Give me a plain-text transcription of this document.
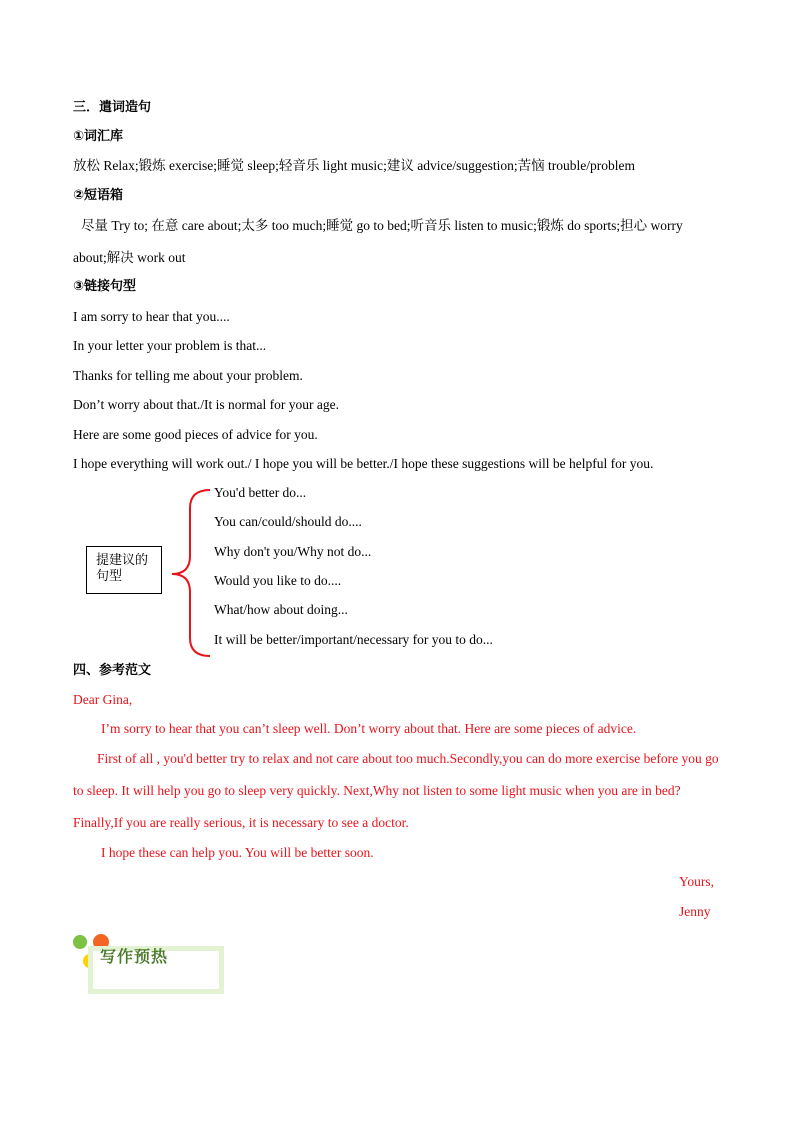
三．遣词造句
①词汇库
放松 Relax;锻炼 exercise;睡觉 sleep;轻音乐 light music;建议 advice/suggestion;苦恼 trouble/problem
②短语箱
尽量 Try to; 在意 care about;太多 too much;睡觉 go to bed;听音乐 listen to music;锻炼 do sports;担心 worry
about;解决 work out
③链接句型
I am sorry to hear that you....
In your letter your problem is that...
Thanks for telling me about your problem.
Don’t worry about that./It is normal for your age.
Here are some good pieces of advice for you.
I hope everything will work out./ I hope you will be better./I hope these suggestions will be helpful for you.
提建议的
句型
You'd better do...
You can/could/should do....
Why don't you/Why not do...
Would you like to do....
What/how about doing...
It will be better/important/necessary for you to do...
四、参考范文
Dear Gina,
I’m sorry to hear that you can’t sleep well. Don’t worry about that. Here are some pieces of advice.
First of all , you'd better try to relax and not care about too much.Secondly,you can do more exercise before you go
to sleep. It will help you go to sleep very quickly. Next,Why not listen to some light music when you are in bed?
Finally,If you are really serious, it is necessary to see a doctor.
I hope these can help you. You will be better soon.
Yours,
Jenny
写作预热
